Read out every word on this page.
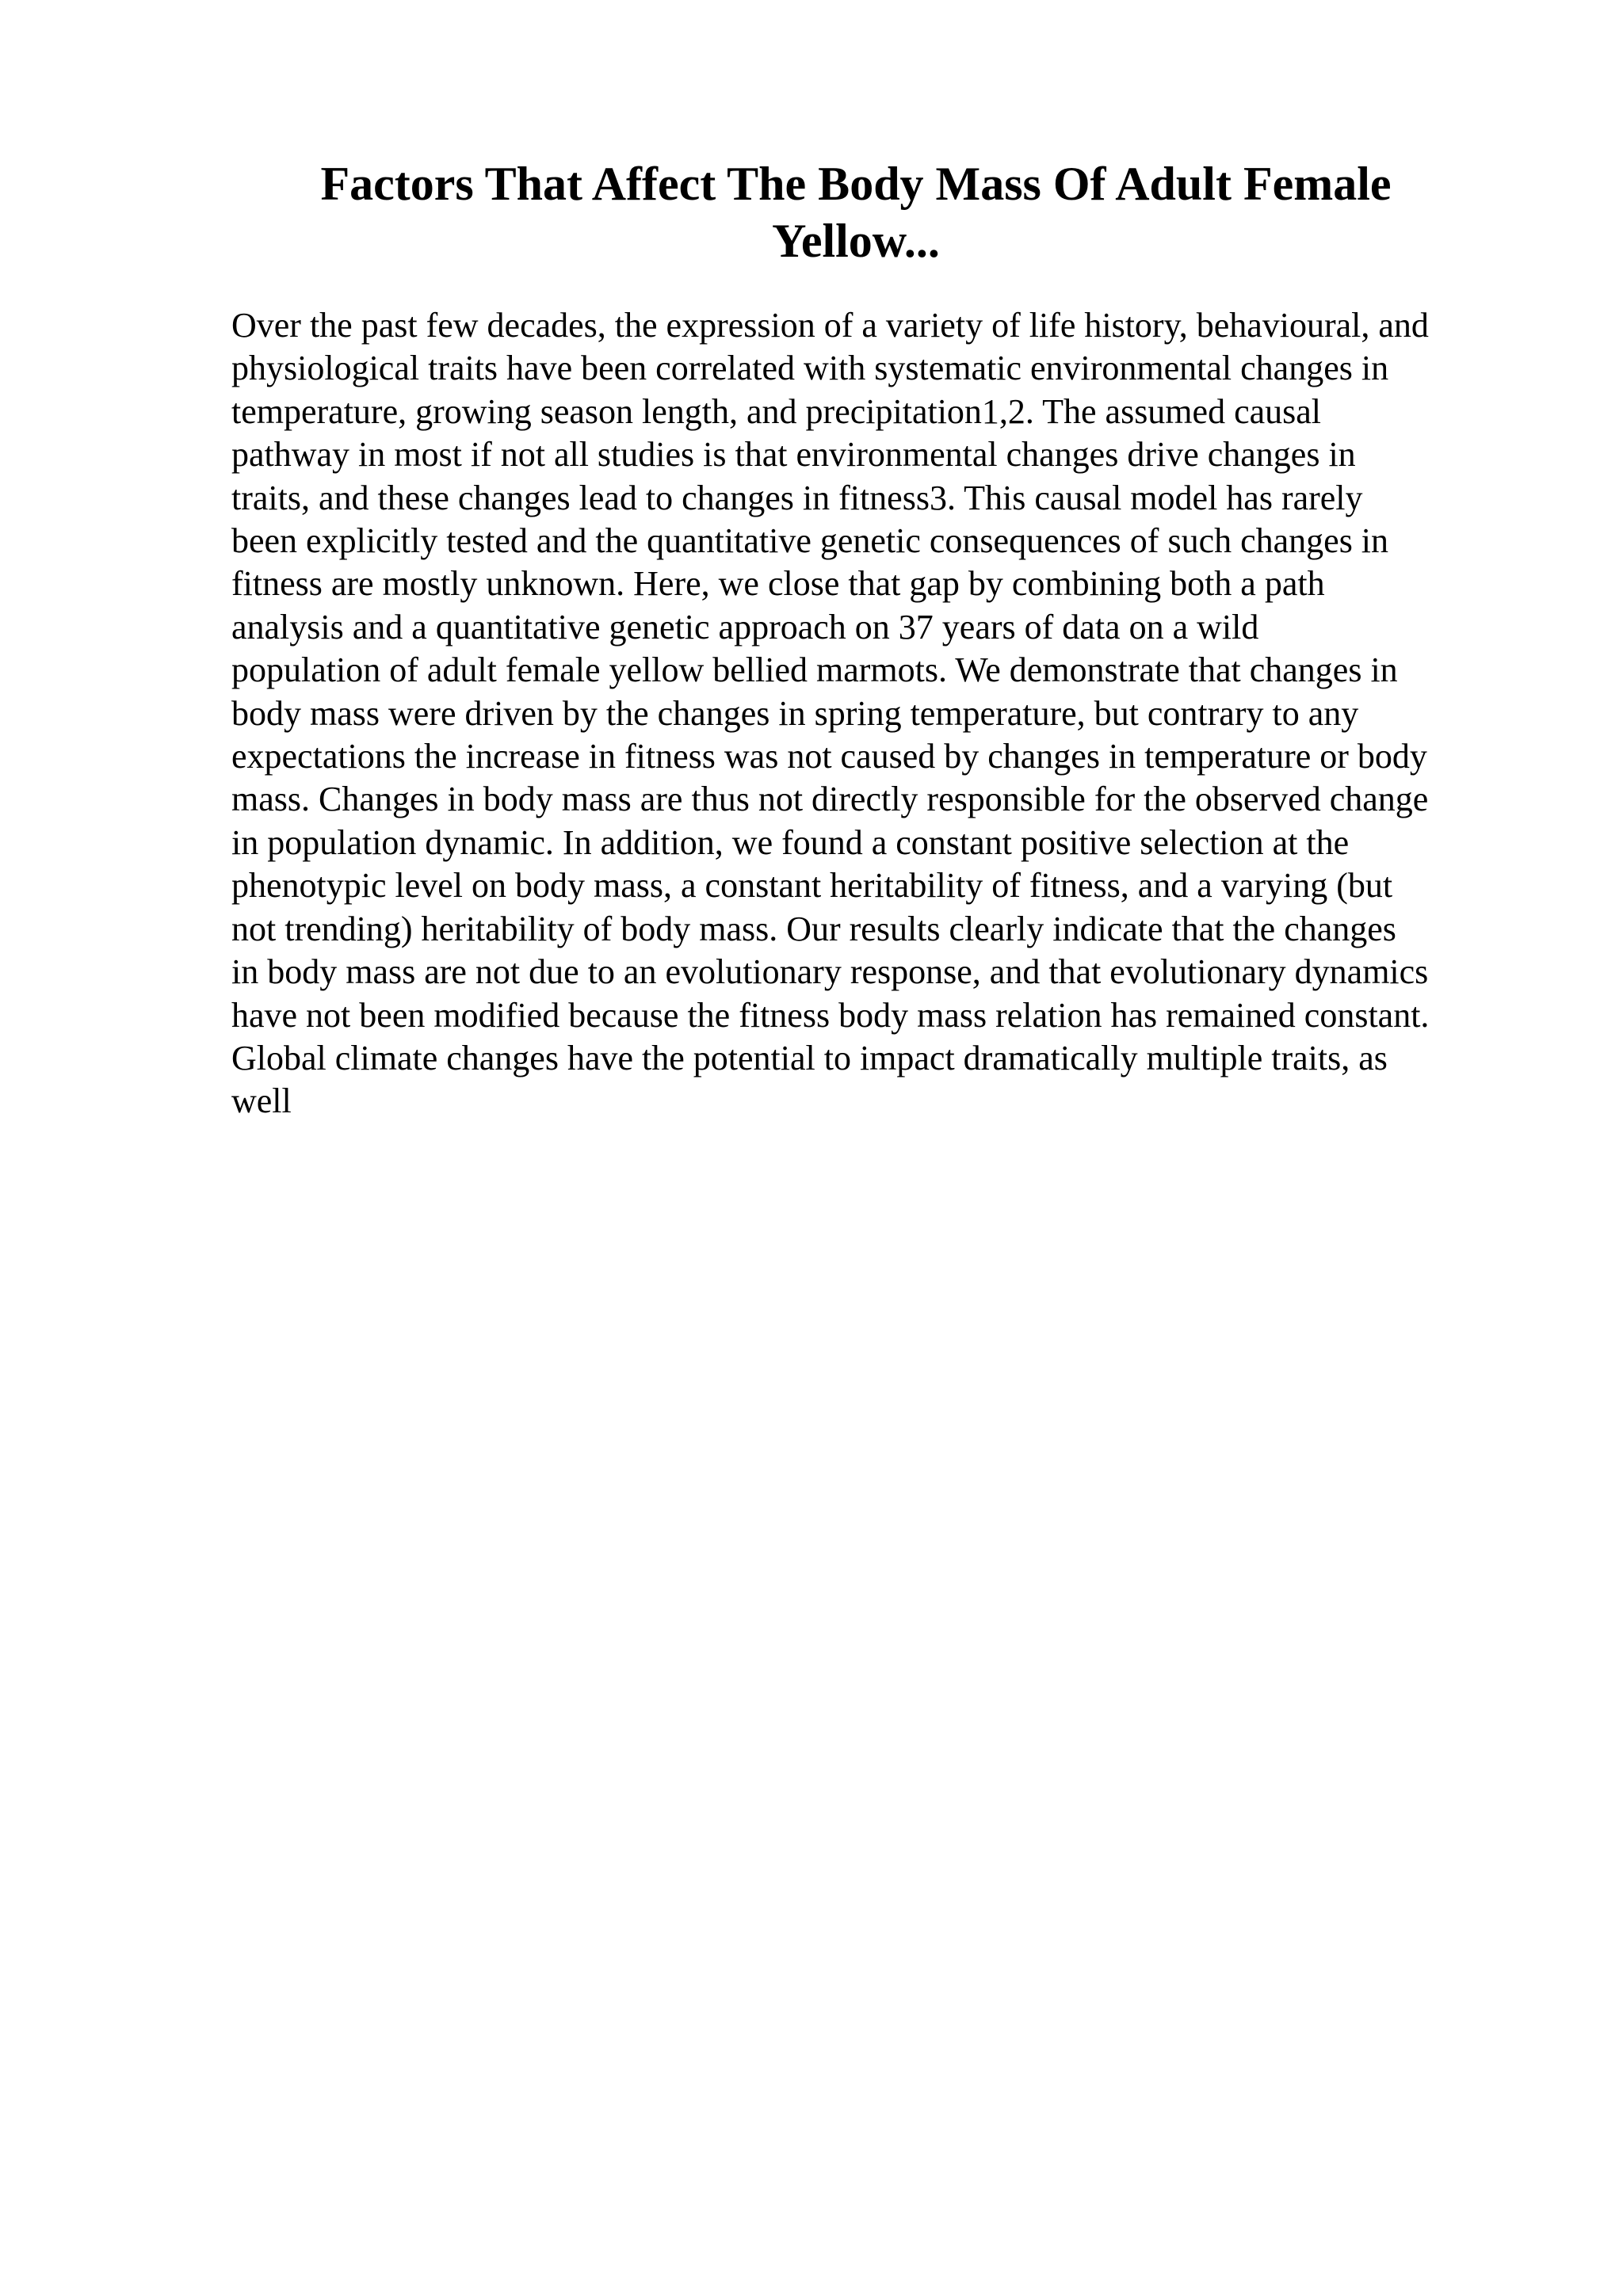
Factors That Affect The Body Mass Of Adult Female
Yellow...
Over the past few decades, the expression of a variety of life history, behavioural, and
physiological traits have been correlated with systematic environmental changes in
temperature, growing season length, and precipitation1,2. The assumed causal
pathway in most if not all studies is that environmental changes drive changes in
traits, and these changes lead to changes in fitness3. This causal model has rarely
been explicitly tested and the quantitative genetic consequences of such changes in
fitness are mostly unknown. Here, we close that gap by combining both a path
analysis and a quantitative genetic approach on 37 years of data on a wild
population of adult female yellow bellied marmots. We demonstrate that changes in
body mass were driven by the changes in spring temperature, but contrary to any
expectations the increase in fitness was not caused by changes in temperature or body
mass. Changes in body mass are thus not directly responsible for the observed change
in population dynamic. In addition, we found a constant positive selection at the
phenotypic level on body mass, a constant heritability of fitness, and a varying (but
not trending) heritability of body mass. Our results clearly indicate that the changes
in body mass are not due to an evolutionary response, and that evolutionary dynamics
have not been modified because the fitness body mass relation has remained constant.
Global climate changes have the potential to impact dramatically multiple traits, as
well
